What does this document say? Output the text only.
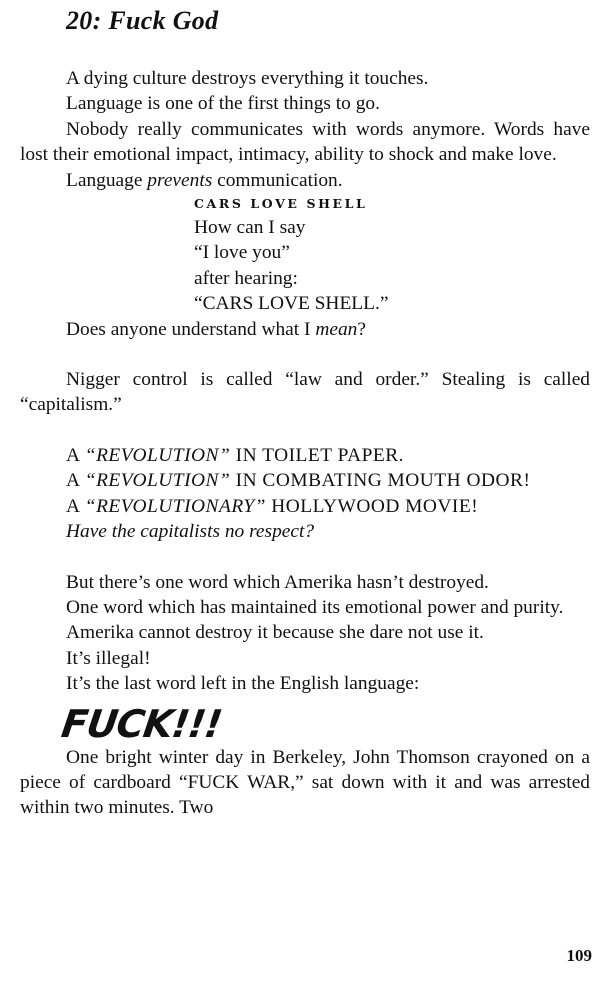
20: Fuck God

A dying culture destroys everything it touches.

Language is one of the first things to go.

Nobody really communicates with words anymore. Words have lost their emotional impact, intimacy, ability to shock and make love.

Language prevents communication.

CARS LOVE SHELL
How can I say
“I love you”
after hearing:
“CARS LOVE SHELL.”

Does anyone understand what I mean?

Nigger control is called “law and order.” Stealing is called “capitalism.”

A “REVOLUTION” IN TOILET PAPER.

A “REVOLUTION” IN COMBATING MOUTH ODOR!

A “REVOLUTIONARY” HOLLYWOOD MOVIE!

Have the capitalists no respect?

But there’s one word which Amerika hasn’t destroyed.

One word which has maintained its emotional power and purity.

Amerika cannot destroy it because she dare not use it.

It’s illegal!

It’s the last word left in the English language:

FUCK!!!

One bright winter day in Berkeley, John Thomson crayoned on a piece of cardboard “FUCK WAR,” sat down with it and was arrested within two minutes. Two

109
